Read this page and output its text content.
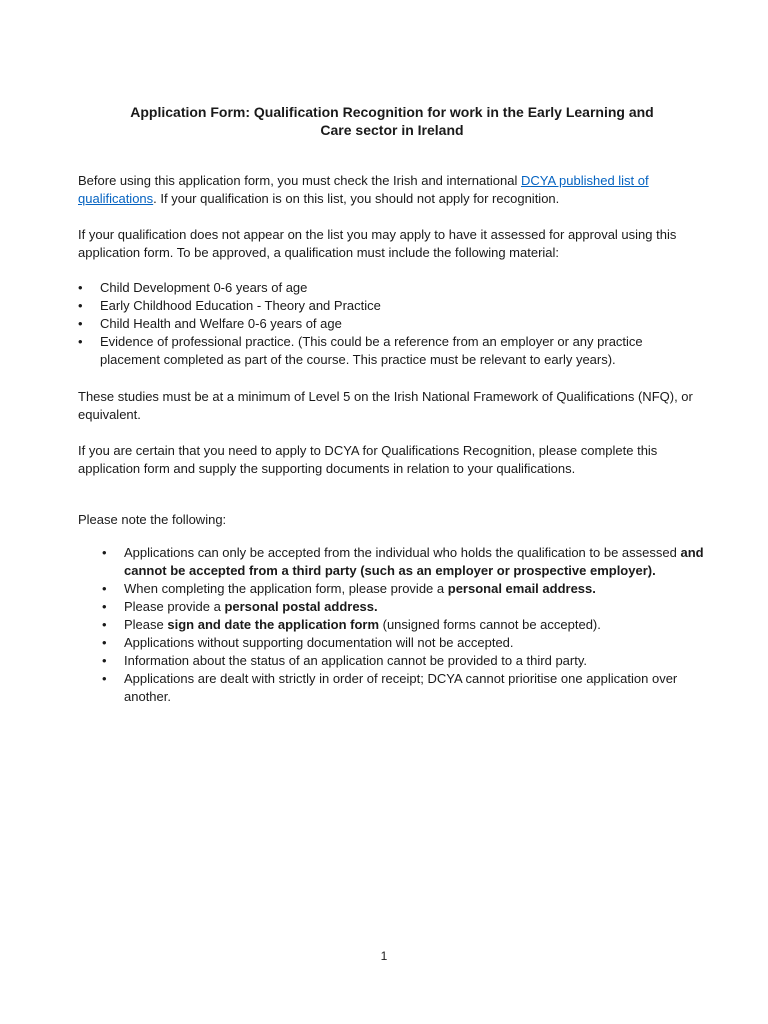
Application Form: Qualification Recognition for work in the Early Learning and
Care sector in Ireland

Before using this application form, you must check the Irish and international DCYA published list of qualifications. If your qualification is on this list, you should not apply for recognition.

If your qualification does not appear on the list you may apply to have it assessed for approval using this application form. To be approved, a qualification must include the following material:

• Child Development 0-6 years of age
• Early Childhood Education - Theory and Practice
• Child Health and Welfare 0-6 years of age
• Evidence of professional practice. (This could be a reference from an employer or any practice placement completed as part of the course. This practice must be relevant to early years).

These studies must be at a minimum of Level 5 on the Irish National Framework of Qualifications (NFQ), or equivalent.

If you are certain that you need to apply to DCYA for Qualifications Recognition, please complete this application form and supply the supporting documents in relation to your qualifications.

Please note the following:

• Applications can only be accepted from the individual who holds the qualification to be assessed and cannot be accepted from a third party (such as an employer or prospective employer).
• When completing the application form, please provide a personal email address.
• Please provide a personal postal address.
• Please sign and date the application form (unsigned forms cannot be accepted).
• Applications without supporting documentation will not be accepted.
• Information about the status of an application cannot be provided to a third party.
• Applications are dealt with strictly in order of receipt; DCYA cannot prioritise one application over another.
1
